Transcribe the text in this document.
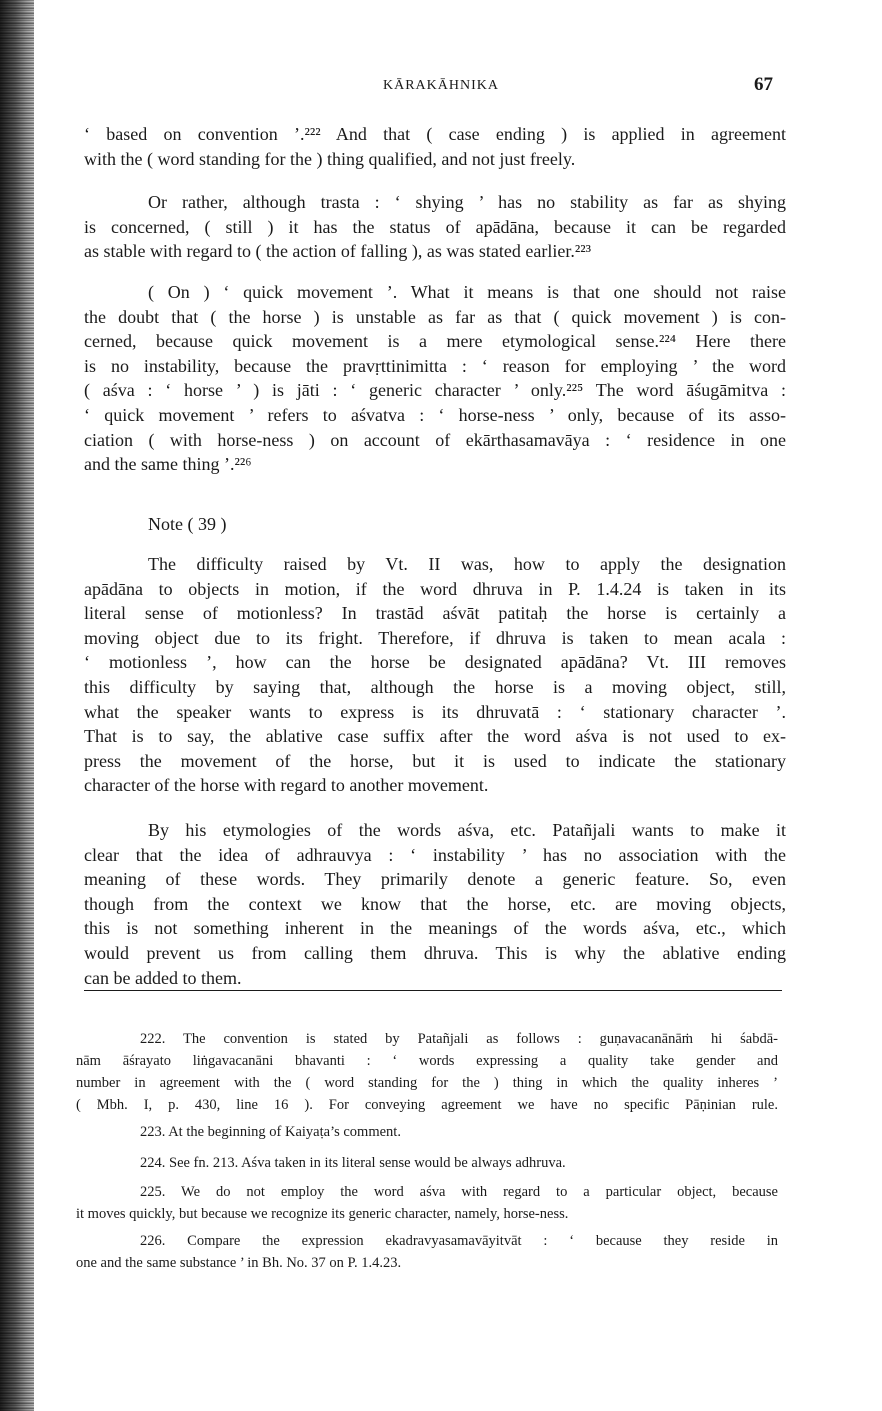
KĀRAKĀHNIKA	67
‘ based on convention ’.²²² And that ( case ending ) is applied in agreement
with the ( word standing for the ) thing qualified, and not just freely.
Or rather, although trasta : ‘ shying ’ has no stability as far as shying
is concerned, ( still ) it has the status of apādāna, because it can be regarded
as stable with regard to ( the action of falling ), as was stated earlier.²²³
( On ) ‘ quick movement ’. What it means is that one should not raise
the doubt that ( the horse ) is unstable as far as that ( quick movement ) is con-
cerned, because quick movement is a mere etymological sense.²²⁴ Here there
is no instability, because the pravṛttinimitta : ‘ reason for employing ’ the word
( aśva : ‘ horse ’ ) is jāti : ‘ generic character ’ only.²²⁵ The word āśugāmitva :
‘ quick movement ’ refers to aśvatva : ‘ horse-ness ’ only, because of its asso-
ciation ( with horse-ness ) on account of ekārthasamavāya : ‘ residence in one
and the same thing ’.²²⁶
Note ( 39 )
The difficulty raised by Vt. II was, how to apply the designation
apādāna to objects in motion, if the word dhruva in P. 1.4.24 is taken in its
literal sense of motionless? In trastād aśvāt patitaḥ the horse is certainly a
moving object due to its fright. Therefore, if dhruva is taken to mean acala :
‘ motionless ’, how can the horse be designated apādāna? Vt. III removes
this difficulty by saying that, although the horse is a moving object, still,
what the speaker wants to express is its dhruvatā : ‘ stationary character ’.
That is to say, the ablative case suffix after the word aśva is not used to ex-
press the movement of the horse, but it is used to indicate the stationary
character of the horse with regard to another movement.
By his etymologies of the words aśva, etc. Patañjali wants to make it
clear that the idea of adhrauvya : ‘ instability ’ has no association with the
meaning of these words. They primarily denote a generic feature. So, even
though from the context we know that the horse, etc. are moving objects,
this is not something inherent in the meanings of the words aśva, etc., which
would prevent us from calling them dhruva. This is why the ablative ending
can be added to them.
222. The convention is stated by Patañjali as follows : guṇavacanānāṁ hi śabdā-
nām āśrayato liṅgavacanāni bhavanti : ‘ words expressing a quality take gender and
number in agreement with the ( word standing for the ) thing in which the quality inheres ’
( Mbh. I, p. 430, line 16 ). For conveying agreement we have no specific Pāṇinian rule.
223. At the beginning of Kaiyaṭa’s comment.
224. See fn. 213. Aśva taken in its literal sense would be always adhruva.
225. We do not employ the word aśva with regard to a particular object, because
it moves quickly, but because we recognize its generic character, namely, horse-ness.
226. Compare the expression ekadravyasamavāyitvāt : ‘ because they reside in
one and the same substance ’ in Bh. No. 37 on P. 1.4.23.
